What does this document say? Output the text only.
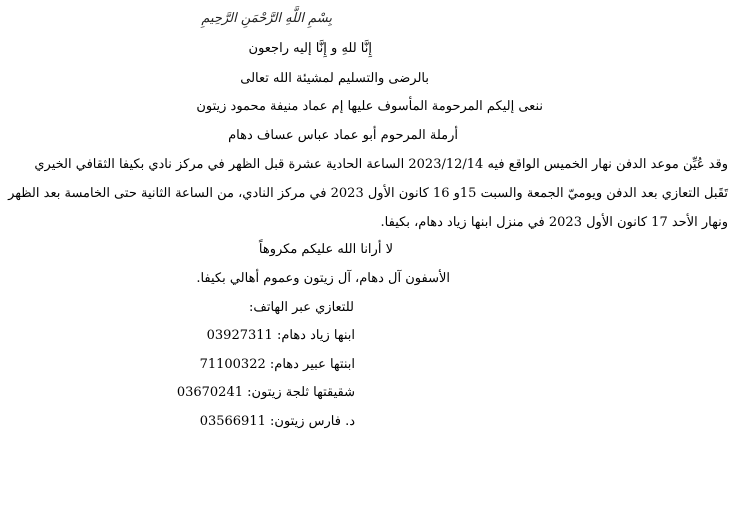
بِسْمِ اللَّهِ الرَّحْمَنِ الرَّحِيمِ
إِنَّا للهِ و إِنَّا إليه راجعون
بالرضى والتسليم لمشيئة الله تعالى
ننعى إليكم المرحومة المأسوف عليها إم عماد منيفة محمود زيتون
أرملة المرحوم أبو عماد عباس عساف دهام
وقد عُيِّن موعد الدفن نهار الخميس الواقع فيه 2023/12/14 الساعة الحادية عشرة قبل الظهر في مركز نادي بكيفا الثقافي الخيري
تَقَبل التعازي بعد الدفن ويوميّ الجمعة والسبت 15و 16 كانون الأول 2023 في مركز النادي، من الساعة الثانية حتى الخامسة بعد الظهر
ونهار الأحد 17 كانون الأول 2023 في منزل ابنها زياد دهام، بكيفا.
لا أرانا الله عليكم مكروهاً
الأسفون آل دهام، آل زيتون وعموم أهالي بكيفا.
للتعازي عبر الهاتف:
ابنها زياد دهام: 03927311
ابنتها عبير دهام: 71100322
شقيقتها ثلجة زيتون: 03670241
د. فارس زيتون: 03566911
